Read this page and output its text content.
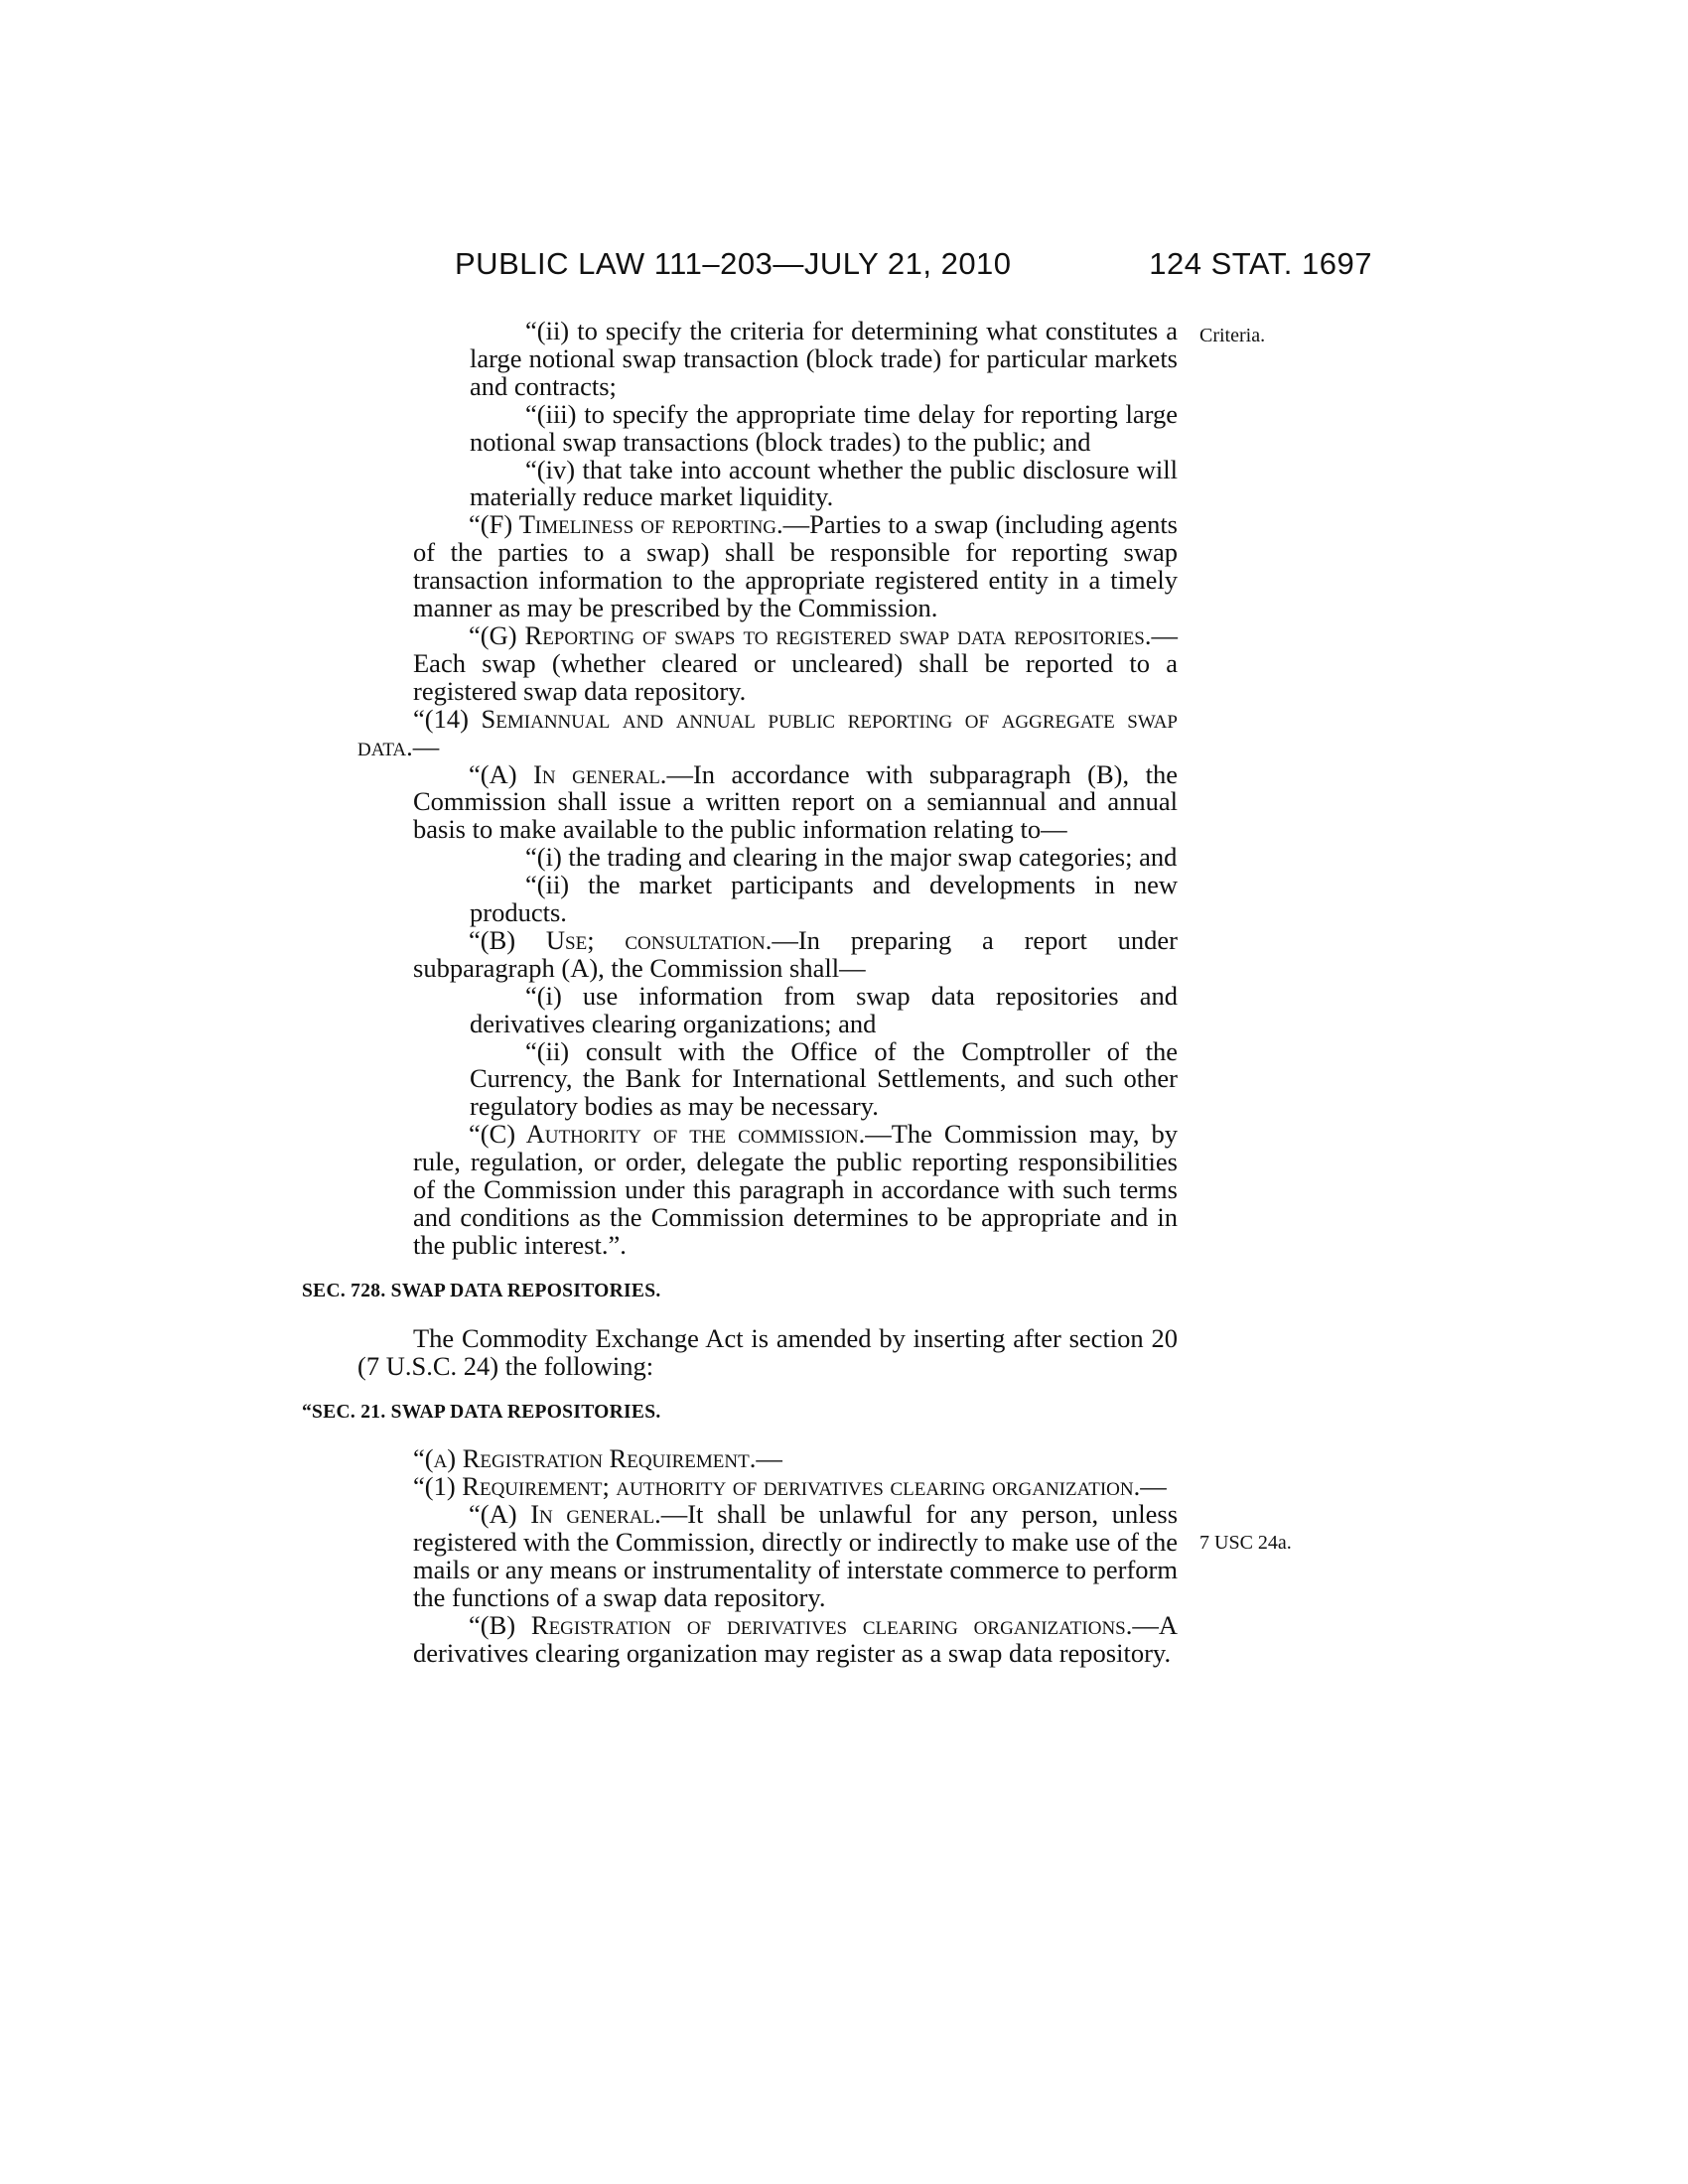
PUBLIC LAW 111–203—JULY 21, 2010	124 STAT. 1697
Criteria.
7 USC 24a.

“(ii) to specify the criteria for determining what constitutes a large notional swap transaction (block trade) for particular markets and contracts;

“(iii) to specify the appropriate time delay for reporting large notional swap transactions (block trades) to the public; and

“(iv) that take into account whether the public disclosure will materially reduce market liquidity.

“(F) Timeliness of reporting.—Parties to a swap (including agents of the parties to a swap) shall be responsible for reporting swap transaction information to the appropriate registered entity in a timely manner as may be prescribed by the Commission.

“(G) Reporting of swaps to registered swap data repositories.—Each swap (whether cleared or uncleared) shall be reported to a registered swap data repository.

“(14) Semiannual and annual public reporting of aggregate swap data.—

“(A) In general.—In accordance with subparagraph (B), the Commission shall issue a written report on a semiannual and annual basis to make available to the public information relating to—

“(i) the trading and clearing in the major swap categories; and

“(ii) the market participants and developments in new products.

“(B) Use; consultation.—In preparing a report under subparagraph (A), the Commission shall—

“(i) use information from swap data repositories and derivatives clearing organizations; and

“(ii) consult with the Office of the Comptroller of the Currency, the Bank for International Settlements, and such other regulatory bodies as may be necessary.

“(C) Authority of the commission.—The Commission may, by rule, regulation, or order, delegate the public reporting responsibilities of the Commission under this paragraph in accordance with such terms and conditions as the Commission determines to be appropriate and in the public interest.”.

SEC. 728. SWAP DATA REPOSITORIES.

The Commodity Exchange Act is amended by inserting after section 20 (7 U.S.C. 24) the following:

“SEC. 21. SWAP DATA REPOSITORIES.

“(a) Registration Requirement.—

“(1) Requirement; authority of derivatives clearing organization.—

“(A) In general.—It shall be unlawful for any person, unless registered with the Commission, directly or indirectly to make use of the mails or any means or instrumentality of interstate commerce to perform the functions of a swap data repository.

“(B) Registration of derivatives clearing organizations.—A derivatives clearing organization may register as a swap data repository.
